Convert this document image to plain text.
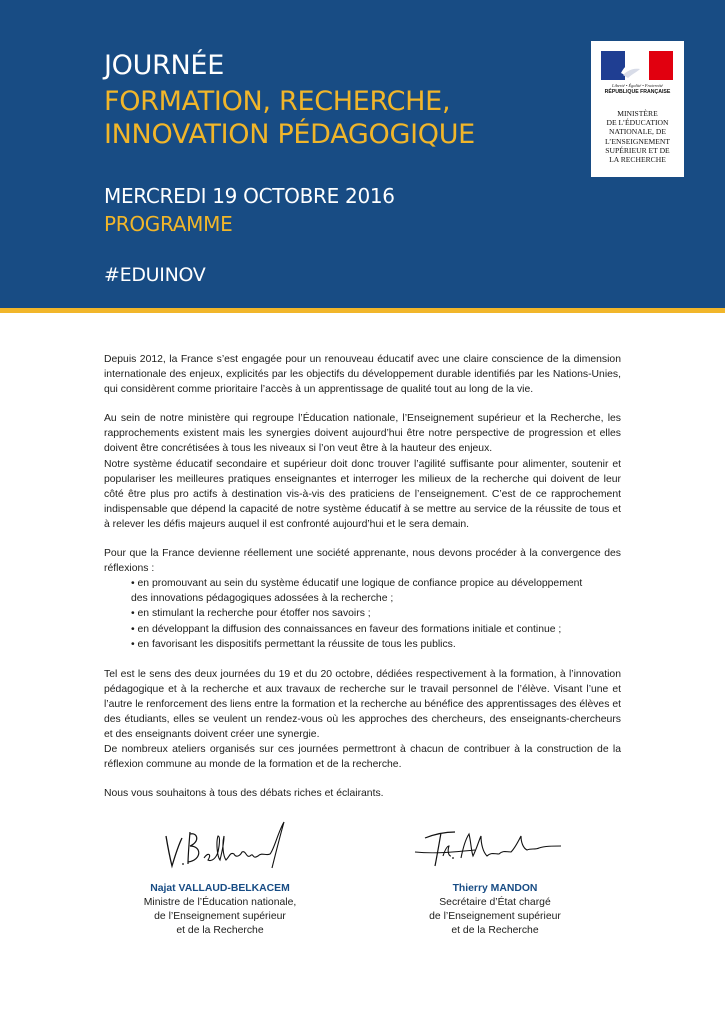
JOURNÉE
FORMATION, RECHERCHE,
INNOVATION PÉDAGOGIQUE
MERCREDI 19 OCTOBRE 2016
PROGRAMME
#EDUINOV
Liberté • Égalité • Fraternité
RÉPUBLIQUE FRANÇAISE
MINISTÈRE
DE L’ÉDUCATION
NATIONALE, DE
L’ENSEIGNEMENT
SUPÉRIEUR ET DE
LA RECHERCHE

Depuis 2012, la France s’est engagée pour un renouveau éducatif avec une claire conscience de la dimension internationale des enjeux, explicités par les objectifs du développement durable identifiés par les Nations-Unies, qui considèrent comme prioritaire l’accès à un apprentissage de qualité tout au long de la vie.

Au sein de notre ministère qui regroupe l’Éducation nationale, l’Enseignement supérieur et la Recherche, les rapprochements existent mais les synergies doivent aujourd’hui être notre perspective de progression et elles doivent être concrétisées à tous les niveaux si l’on veut être à la hauteur des enjeux.

Notre système éducatif secondaire et supérieur doit donc trouver l’agilité suffisante pour alimenter, soutenir et populariser les meilleures pratiques enseignantes et interroger les milieux de la recherche qui doivent de leur côté être plus pro actifs à destination vis-à-vis des praticiens de l’enseignement. C’est de ce rapprochement indispensable que dépend la capacité de notre système éducatif à se mettre au service de la réussite de tous et à relever les défis majeurs auquel il est confronté aujourd’hui et le sera demain.

Pour que la France devienne réellement une société apprenante, nous devons procéder à la convergence des réflexions :

• en promouvant au sein du système éducatif une logique de confiance propice au développement
des innovations pédagogiques adossées à la recherche ;
• en stimulant la recherche pour étoffer nos savoirs ;
• en développant la diffusion des connaissances en faveur des formations initiale et continue ;
• en favorisant les dispositifs permettant la réussite de tous les publics.

Tel est le sens des deux journées du 19 et du 20 octobre, dédiées respectivement à la formation, à l’innovation pédagogique et à la recherche et aux travaux de recherche sur le travail personnel de l’élève. Visant l’une et l’autre le renforcement des liens entre la formation et la recherche au bénéfice des apprentissages des élèves et des étudiants, elles se veulent un rendez-vous où les approches des chercheurs, des enseignants-chercheurs et des enseignants doivent créer une synergie.

De nombreux ateliers organisés sur ces journées permettront à chacun de contribuer à la construction de la réflexion commune au monde de la formation et de la recherche.

Nous vous souhaitons à tous des débats riches et éclairants.

Najat VALLAUD-BELKACEM
Ministre de l’Éducation nationale,
de l’Enseignement supérieur
et de la Recherche
Thierry MANDON
Secrétaire d’État chargé
de l’Enseignement supérieur
et de la Recherche
